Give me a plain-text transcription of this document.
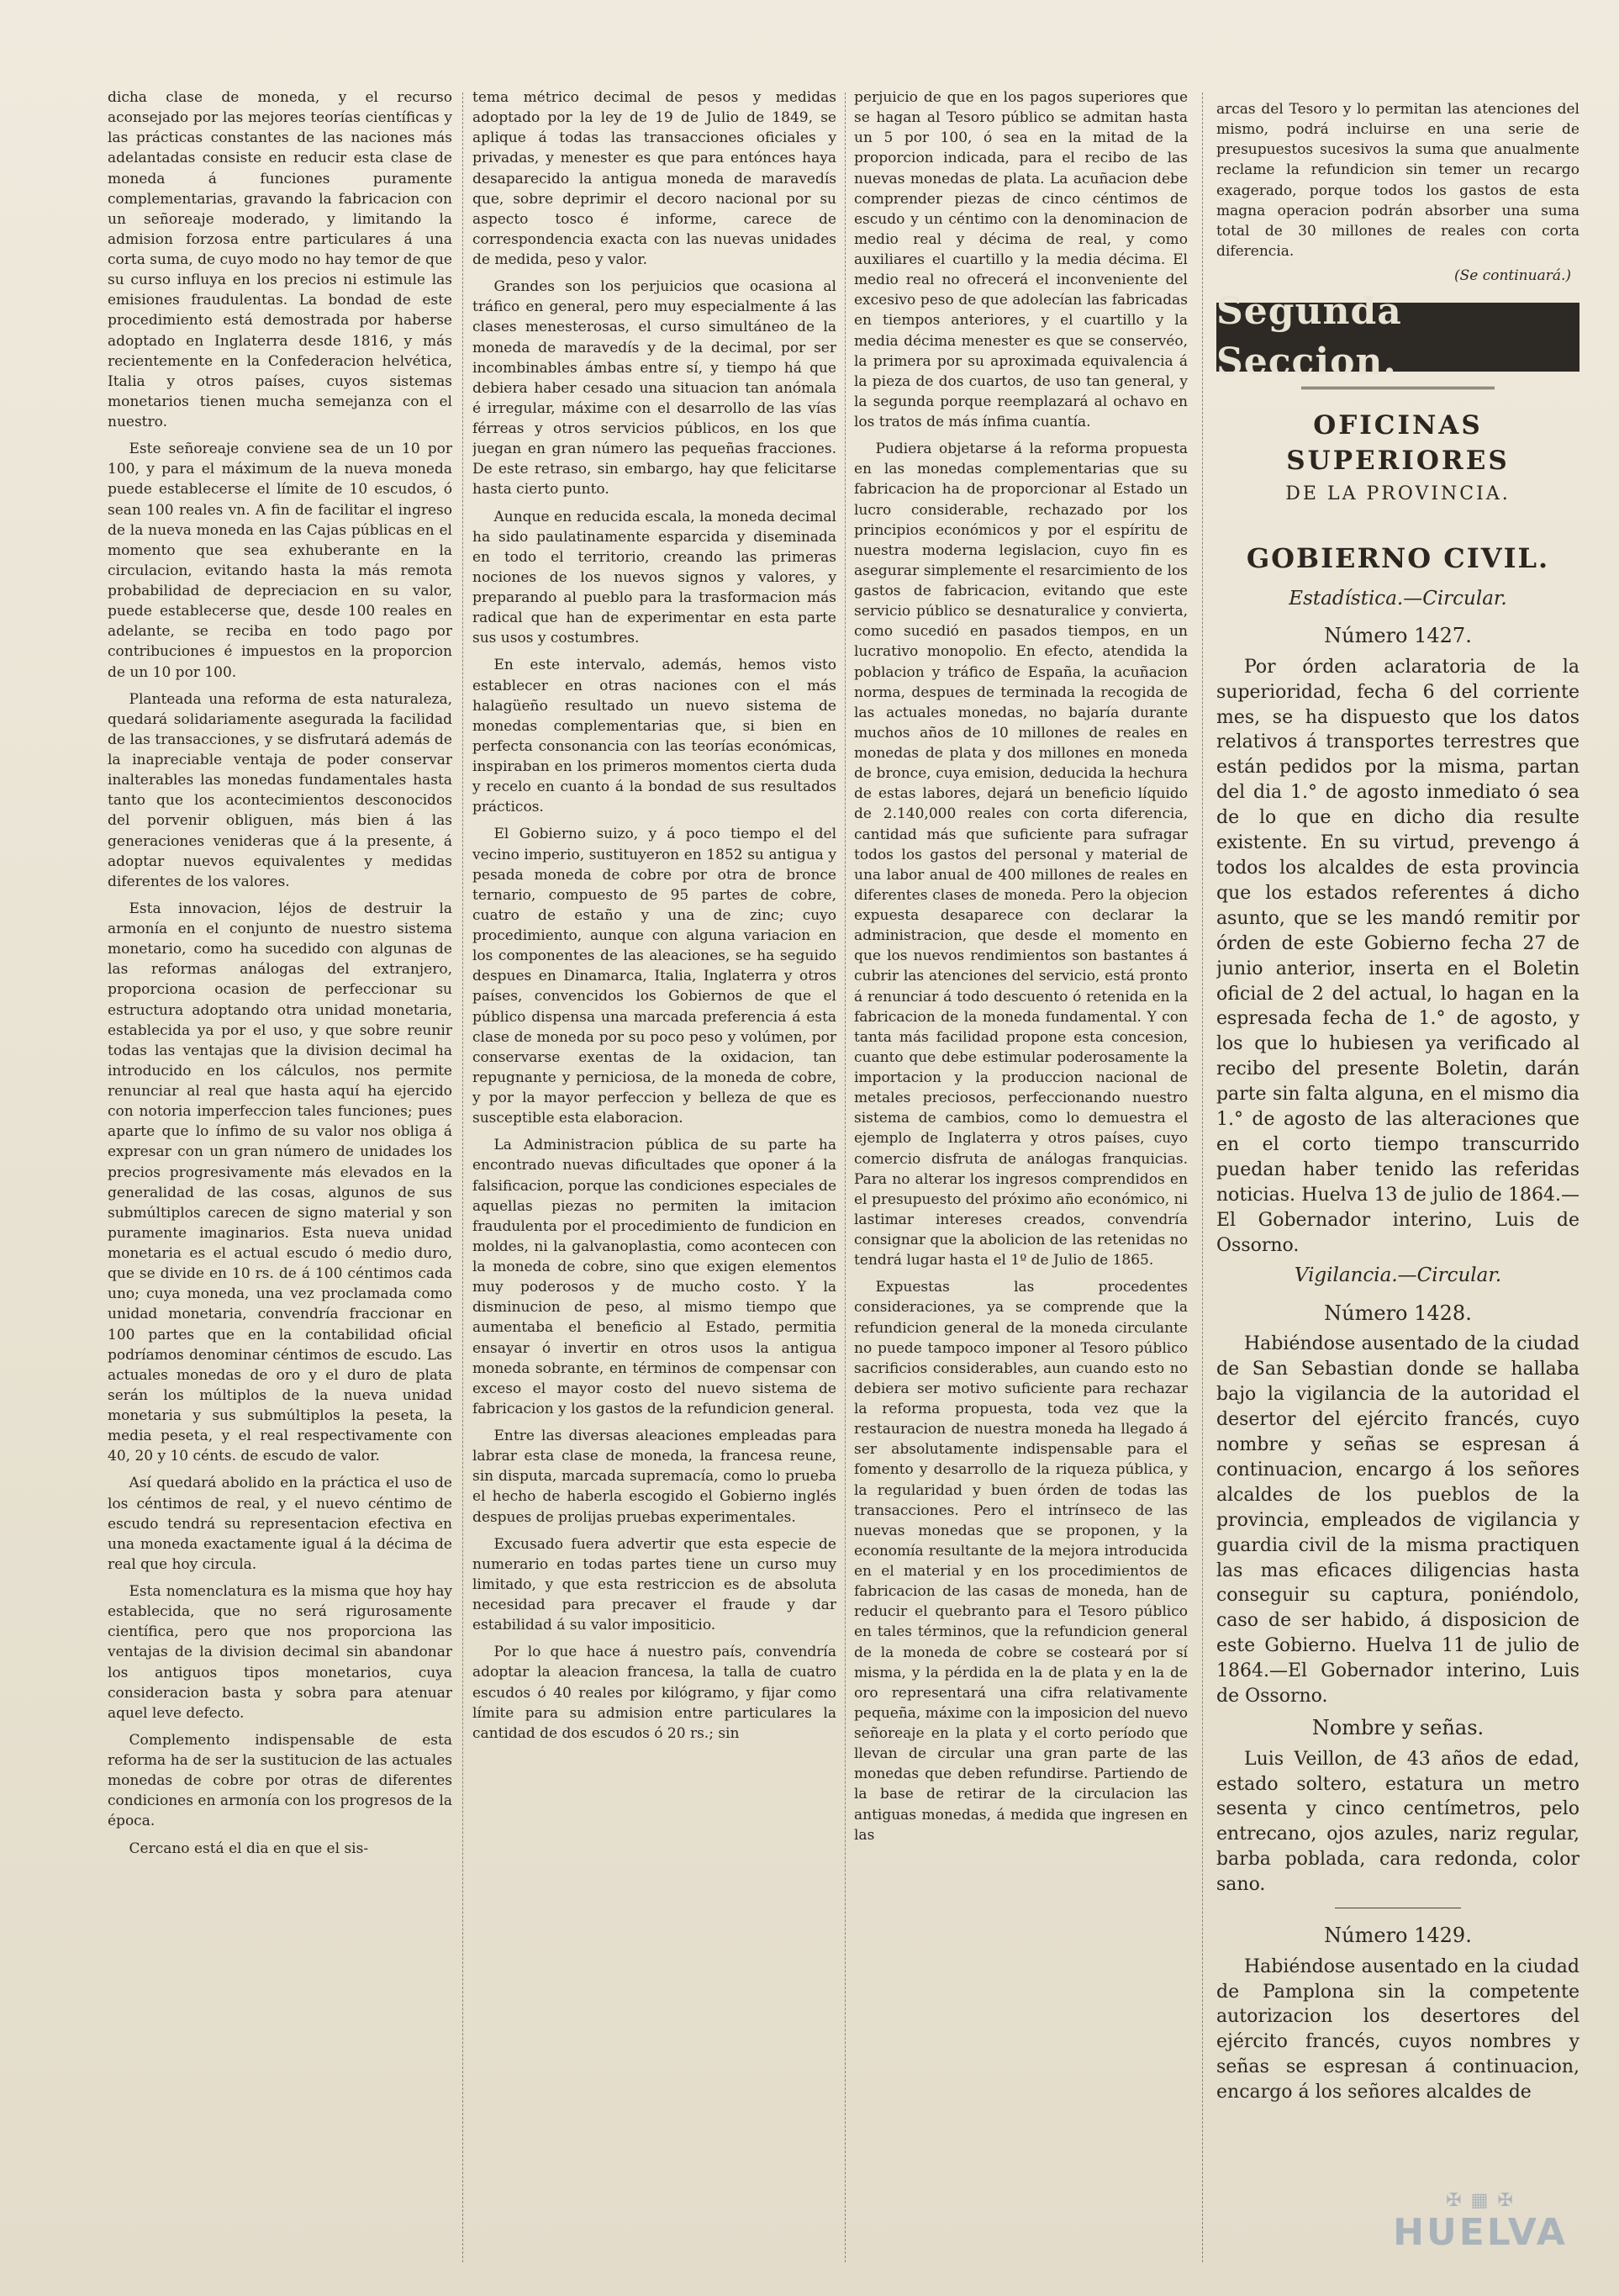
dicha clase de moneda, y el recurso aconsejado por las mejores teorías científicas y las prácticas constantes de las naciones más adelantadas consiste en reducir esta clase de moneda á funciones puramente complementarias, gravando la fabricacion con un señoreaje moderado, y limitando la admision forzosa entre particulares á una corta suma, de cuyo modo no hay temor de que su curso influya en los precios ni estimule las emisiones fraudulentas. La bondad de este procedimiento está demostrada por haberse adoptado en Inglaterra desde 1816, y más recientemente en la Confederacion helvética, Italia y otros países, cuyos sistemas monetarios tienen mucha semejanza con el nuestro.

Este señoreaje conviene sea de un 10 por 100, y para el máximum de la nueva moneda puede establecerse el límite de 10 escudos, ó sean 100 reales vn. A fin de facilitar el ingreso de la nueva moneda en las Cajas públicas en el momento que sea exhuberante en la circulacion, evitando hasta la más remota probabilidad de depreciacion en su valor, puede establecerse que, desde 100 reales en adelante, se reciba en todo pago por contribuciones é impuestos en la proporcion de un 10 por 100.

Planteada una reforma de esta naturaleza, quedará solidariamente asegurada la facilidad de las transacciones, y se disfrutará además de la inapreciable ventaja de poder conservar inalterables las monedas fundamentales hasta tanto que los acontecimientos desconocidos del porvenir obliguen, más bien á las generaciones venideras que á la presente, á adoptar nuevos equivalentes y medidas diferentes de los valores.

Esta innovacion, léjos de destruir la armonía en el conjunto de nuestro sistema monetario, como ha sucedido con algunas de las reformas análogas del extranjero, proporciona ocasion de perfeccionar su estructura adoptando otra unidad monetaria, establecida ya por el uso, y que sobre reunir todas las ventajas que la division decimal ha introducido en los cálculos, nos permite renunciar al real que hasta aquí ha ejercido con notoria imperfeccion tales funciones; pues aparte que lo ínfimo de su valor nos obliga á expresar con un gran número de unidades los precios progresivamente más elevados en la generalidad de las cosas, algunos de sus submúltiplos carecen de signo material y son puramente imaginarios. Esta nueva unidad monetaria es el actual escudo ó medio duro, que se divide en 10 rs. de á 100 céntimos cada uno; cuya moneda, una vez proclamada como unidad monetaria, convendría fraccionar en 100 partes que en la contabilidad oficial podríamos denominar céntimos de escudo. Las actuales monedas de oro y el duro de plata serán los múltiplos de la nueva unidad monetaria y sus submúltiplos la peseta, la media peseta, y el real respectivamente con 40, 20 y 10 cénts. de escudo de valor.

Así quedará abolido en la práctica el uso de los céntimos de real, y el nuevo céntimo de escudo tendrá su representacion efectiva en una moneda exactamente igual á la décima de real que hoy circula.

Esta nomenclatura es la misma que hoy hay establecida, que no será rigurosamente científica, pero que nos proporciona las ventajas de la division decimal sin abandonar los antiguos tipos monetarios, cuya consideracion basta y sobra para atenuar aquel leve defecto.

Complemento indispensable de esta reforma ha de ser la sustitucion de las actuales monedas de cobre por otras de diferentes condiciones en armonía con los progresos de la época.

Cercano está el dia en que el sis-

tema métrico decimal de pesos y medidas adoptado por la ley de 19 de Julio de 1849, se aplique á todas las transacciones oficiales y privadas, y menester es que para entónces haya desaparecido la antigua moneda de maravedís que, sobre deprimir el decoro nacional por su aspecto tosco é informe, carece de correspondencia exacta con las nuevas unidades de medida, peso y valor.

Grandes son los perjuicios que ocasiona al tráfico en general, pero muy especialmente á las clases menesterosas, el curso simultáneo de la moneda de maravedís y de la decimal, por ser incombinables ámbas entre sí, y tiempo há que debiera haber cesado una situacion tan anómala é irregular, máxime con el desarrollo de las vías férreas y otros servicios públicos, en los que juegan en gran número las pequeñas fracciones. De este retraso, sin embargo, hay que felicitarse hasta cierto punto.

Aunque en reducida escala, la moneda decimal ha sido paulatinamente esparcida y diseminada en todo el territorio, creando las primeras nociones de los nuevos signos y valores, y preparando al pueblo para la trasformacion más radical que han de experimentar en esta parte sus usos y costumbres.

En este intervalo, además, hemos visto establecer en otras naciones con el más halagüeño resultado un nuevo sistema de monedas complementarias que, si bien en perfecta consonancia con las teorías económicas, inspiraban en los primeros momentos cierta duda y recelo en cuanto á la bondad de sus resultados prácticos.

El Gobierno suizo, y á poco tiempo el del vecino imperio, sustituyeron en 1852 su antigua y pesada moneda de cobre por otra de bronce ternario, compuesto de 95 partes de cobre, cuatro de estaño y una de zinc; cuyo procedimiento, aunque con alguna variacion en los componentes de las aleaciones, se ha seguido despues en Dinamarca, Italia, Inglaterra y otros países, convencidos los Gobiernos de que el público dispensa una marcada preferencia á esta clase de moneda por su poco peso y volúmen, por conservarse exentas de la oxidacion, tan repugnante y perniciosa, de la moneda de cobre, y por la mayor perfeccion y belleza de que es susceptible esta elaboracion.

La Administracion pública de su parte ha encontrado nuevas dificultades que oponer á la falsificacion, porque las condiciones especiales de aquellas piezas no permiten la imitacion fraudulenta por el procedimiento de fundicion en moldes, ni la galvanoplastia, como acontecen con la moneda de cobre, sino que exigen elementos muy poderosos y de mucho costo. Y la disminucion de peso, al mismo tiempo que aumentaba el beneficio al Estado, permitia ensayar ó invertir en otros usos la antigua moneda sobrante, en términos de compensar con exceso el mayor costo del nuevo sistema de fabricacion y los gastos de la refundicion general.

Entre las diversas aleaciones empleadas para labrar esta clase de moneda, la francesa reune, sin disputa, marcada supremacía, como lo prueba el hecho de haberla escogido el Gobierno inglés despues de prolijas pruebas experimentales.

Excusado fuera advertir que esta especie de numerario en todas partes tiene un curso muy limitado, y que esta restriccion es de absoluta necesidad para precaver el fraude y dar estabilidad á su valor impositicio.

Por lo que hace á nuestro país, convendría adoptar la aleacion francesa, la talla de cuatro escudos ó 40 reales por kilógramo, y fijar como límite para su admision entre particulares la cantidad de dos escudos ó 20 rs.; sin

perjuicio de que en los pagos superiores que se hagan al Tesoro público se admitan hasta un 5 por 100, ó sea en la mitad de la proporcion indicada, para el recibo de las nuevas monedas de plata. La acuñacion debe comprender piezas de cinco céntimos de escudo y un céntimo con la denominacion de medio real y décima de real, y como auxiliares el cuartillo y la media décima. El medio real no ofrecerá el inconveniente del excesivo peso de que adolecían las fabricadas en tiempos anteriores, y el cuartillo y la media décima menester es que se conservéo, la primera por su aproximada equivalencia á la pieza de dos cuartos, de uso tan general, y la segunda porque reemplazará al ochavo en los tratos de más ínfima cuantía.

Pudiera objetarse á la reforma propuesta en las monedas complementarias que su fabricacion ha de proporcionar al Estado un lucro considerable, rechazado por los principios económicos y por el espíritu de nuestra moderna legislacion, cuyo fin es asegurar simplemente el resarcimiento de los gastos de fabricacion, evitando que este servicio público se desnaturalice y convierta, como sucedió en pasados tiempos, en un lucrativo monopolio. En efecto, atendida la poblacion y tráfico de España, la acuñacion norma, despues de terminada la recogida de las actuales monedas, no bajaría durante muchos años de 10 millones de reales en monedas de plata y dos millones en moneda de bronce, cuya emision, deducida la hechura de estas labores, dejará un beneficio líquido de 2.140,000 reales con corta diferencia, cantidad más que suficiente para sufragar todos los gastos del personal y material de una labor anual de 400 millones de reales en diferentes clases de moneda. Pero la objecion expuesta desaparece con declarar la administracion, que desde el momento en que los nuevos rendimientos son bastantes á cubrir las atenciones del servicio, está pronto á renunciar á todo descuento ó retenida en la fabricacion de la moneda fundamental. Y con tanta más facilidad propone esta concesion, cuanto que debe estimular poderosamente la importacion y la produccion nacional de metales preciosos, perfeccionando nuestro sistema de cambios, como lo demuestra el ejemplo de Inglaterra y otros países, cuyo comercio disfruta de análogas franquicias. Para no alterar los ingresos comprendidos en el presupuesto del próximo año económico, ni lastimar intereses creados, convendría consignar que la abolicion de las retenidas no tendrá lugar hasta el 1º de Julio de 1865.

Expuestas las procedentes consideraciones, ya se comprende que la refundicion general de la moneda circulante no puede tampoco imponer al Tesoro público sacrificios considerables, aun cuando esto no debiera ser motivo suficiente para rechazar la reforma propuesta, toda vez que la restauracion de nuestra moneda ha llegado á ser absolutamente indispensable para el fomento y desarrollo de la riqueza pública, y la regularidad y buen órden de todas las transacciones. Pero el intrínseco de las nuevas monedas que se proponen, y la economía resultante de la mejora introducida en el material y en los procedimientos de fabricacion de las casas de moneda, han de reducir el quebranto para el Tesoro público en tales términos, que la refundicion general de la moneda de cobre se costeará por sí misma, y la pérdida en la de plata y en la de oro representará una cifra relativamente pequeña, máxime con la imposicion del nuevo señoreaje en la plata y el corto período que llevan de circular una gran parte de las monedas que deben refundirse. Partiendo de la base de retirar de la circulacion las antiguas monedas, á medida que ingresen en las

arcas del Tesoro y lo permitan las atenciones del mismo, podrá incluirse en una serie de presupuestos sucesivos la suma que anualmente reclame la refundicion sin temer un recargo exagerado, porque todos los gastos de esta magna operacion podrán absorber una suma total de 30 millones de reales con corta diferencia.

(Se continuará.)
Segunda Seccion.
OFICINAS SUPERIORES
DE LA PROVINCIA.
GOBIERNO CIVIL.
Estadística.—Circular.
Número 1427.

Por órden aclaratoria de la superioridad, fecha 6 del corriente mes, se ha dispuesto que los datos relativos á transportes terrestres que están pedidos por la misma, partan del dia 1.° de agosto inmediato ó sea de lo que en dicho dia resulte existente. En su virtud, prevengo á todos los alcaldes de esta provincia que los estados referentes á dicho asunto, que se les mandó remitir por órden de este Gobierno fecha 27 de junio anterior, inserta en el Boletin oficial de 2 del actual, lo hagan en la espresada fecha de 1.° de agosto, y los que lo hubiesen ya verificado al recibo del presente Boletin, darán parte sin falta alguna, en el mismo dia 1.° de agosto de las alteraciones que en el corto tiempo transcurrido puedan haber tenido las referidas noticias. Huelva 13 de julio de 1864.—El Gobernador interino, Luis de Ossorno.

Vigilancia.—Circular.
Número 1428.

Habiéndose ausentado de la ciudad de San Sebastian donde se hallaba bajo la vigilancia de la autoridad el desertor del ejército francés, cuyo nombre y señas se espresan á continuacion, encargo á los señores alcaldes de los pueblos de la provincia, empleados de vigilancia y guardia civil de la misma practiquen las mas eficaces diligencias hasta conseguir su captura, poniéndolo, caso de ser habido, á disposicion de este Gobierno. Huelva 11 de julio de 1864.—El Gobernador interino, Luis de Ossorno.

Nombre y señas.

Luis Veillon, de 43 años de edad, estado soltero, estatura un metro sesenta y cinco centímetros, pelo entrecano, ojos azules, nariz regular, barba poblada, cara redonda, color sano.

Número 1429.

Habiéndose ausentado en la ciudad de Pamplona sin la competente autorizacion los desertores del ejército francés, cuyos nombres y señas se espresan á continuacion, encargo á los señores alcaldes de

✠ ▦ ✠
HUELVA
